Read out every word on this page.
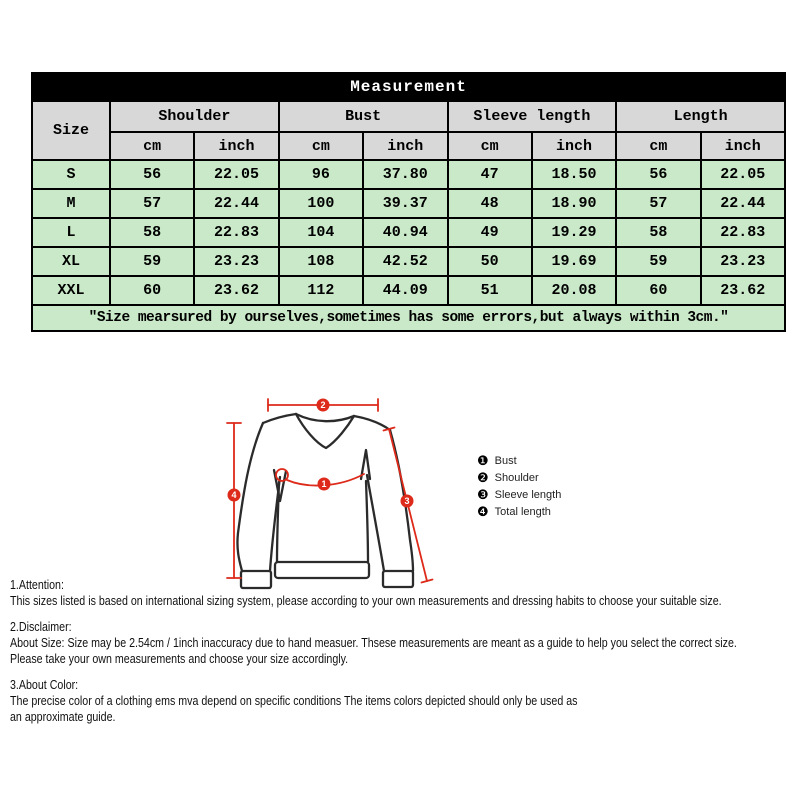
Measurement								
Size	Shoulder		Bust		Sleeve length		Length	
	cm	inch	cm	inch	cm	inch	cm	inch
S	56	22.05	96	37.80	47	18.50	56	22.05
M	57	22.44	100	39.37	48	18.90	57	22.44
L	58	22.83	104	40.94	49	19.29	58	22.83
XL	59	23.23	108	42.52	50	19.69	59	23.23
XXL	60	23.62	112	44.09	51	20.08	60	23.62
″Size mearsured by ourselves,sometimes has some errors,but always within 3cm.″								
2
1
3
4
❶ Bust
❷ Shoulder
❸ Sleeve length
❹ Total length
1.Attention:
This sizes listed is based on international sizing system, please according to your own measurements and dressing habits to choose your suitable size.
2.Disclaimer:
About Size: Size may be 2.54cm / 1inch inaccuracy due to hand measuer. Thsese measurements are meant as a guide to help you select the correct size.
Please take your own measurements and choose your size accordingly.
3.About Color:
The precise color of a clothing ems mva depend on specific conditions The items colors depicted should only be used as
an approximate guide.
